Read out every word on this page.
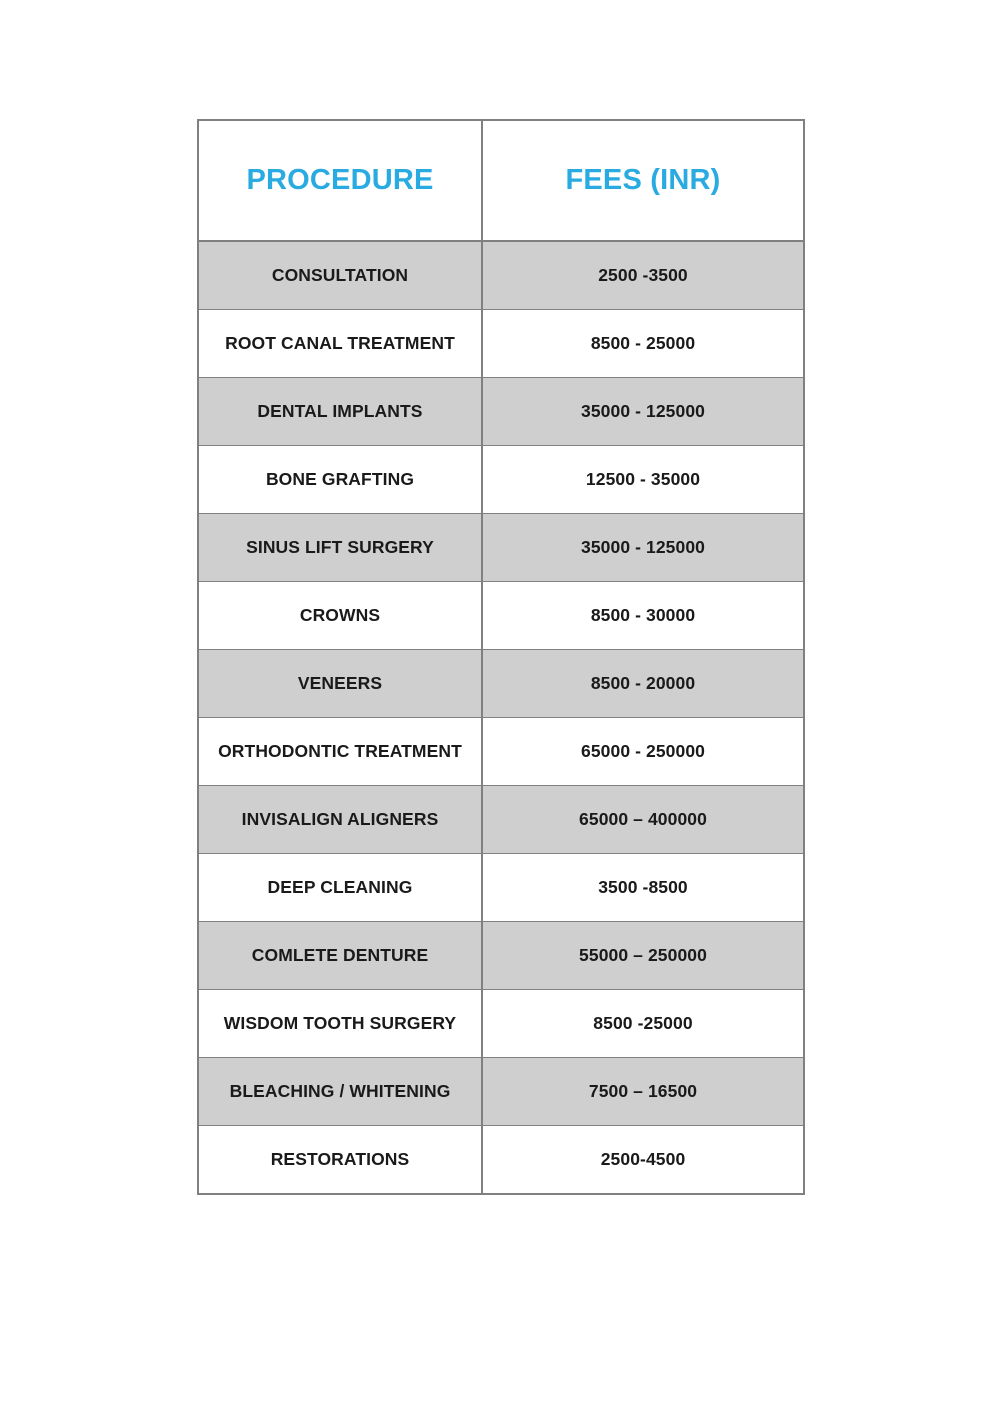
PROCEDURE	FEES (INR)

CONSULTATION	2500 -3500

ROOT CANAL TREATMENT	8500 - 25000

DENTAL IMPLANTS	35000 - 125000

BONE GRAFTING	12500 - 35000

SINUS LIFT SURGERY	35000 - 125000

CROWNS	8500 - 30000

VENEERS	8500 - 20000

ORTHODONTIC TREATMENT	65000 - 250000

INVISALIGN ALIGNERS	65000 – 400000

DEEP CLEANING	3500 -8500

COMLETE DENTURE	55000 – 250000

WISDOM TOOTH SURGERY	8500 -25000

BLEACHING / WHITENING	7500 – 16500

RESTORATIONS	2500-4500
